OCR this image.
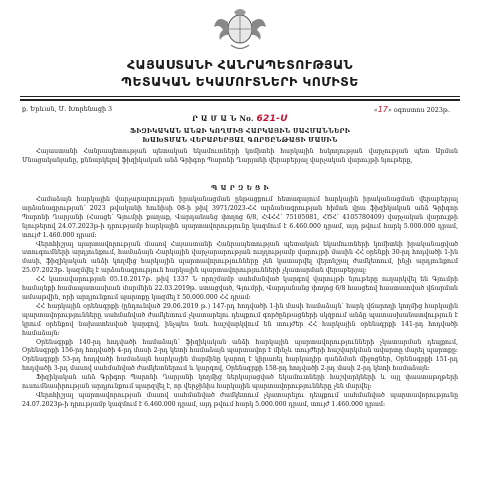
ՀԱՅԱՍՏԱՆԻ ՀԱՆՐԱՊԵՏՈՒԹՅԱՆ
ՊԵՏԱԿԱՆ ԵԿԱՄՈՒՏՆԵՐԻ ԿՈՄԻՏԵ
ք. Երևան, Մ. Խորենացի 3	«17» օգոստոս 2023թ.
Ր Ա Մ Ա Ն No. 621-Ս
ՖԻԶԻԿԱԿԱՆ ԱՆՁԻ ԿՈՂՄԻՑ ՀԱՐԿԱՅԻՆ ՍԱՀՄԱՆՆԵՐԻ
ԽԱԽՏՄԱՆ ՎԵՐԱԲԵՐՅԱԼ ԳՈՐԾԸՆԹԱՑԻ ՄԱՍԻՆ
Հայաստանի Հանրապետության պետական եկամուտների կոմիտեի հարկային հսկողության վարչության պետ Արման Մնացականյանը, քննարկելով ֆիզիկական անձ Գրիգոր Պարոնի Ղարյանի վերաբերյալ վարչական վարույթի նյութերը,
Պ Ա Ր Զ Ե Ց Ի

Համաձայն հարկային վարչարարության իրականացման ընթացքում հետագայում հարկային իրականացման վերաբերյալ արձանագրության՝ 2023 թվականի հունիսի 08-ի թիվ 3971/2023-ՀՀ արձանագրության հիման վրա ֆիզիկական անձ Գրիգոր Պարոնի Ղարյանի (Հասցե՝ Գյումրի քաղաք, Վարդանանց փողոց 6/8, ՀՎՀՀ՝ 75105081, ՀԾՀ՝ 4105780409) վարչական վարույթի նյութերով 24.07.2023թ-ի դրությամբ հարկային պարտավորությունը կազմում է 6.460.000 դրամ, այդ թվում հարկ 5.000.000 դրամ, տույժ 1.460.000 դրամ։

Վերոհիշյալ պարտավորության մասով Հայաստանի Հանրապետության պետական եկամուտների կոմիտեի իրականացված ստուգումների արդյունքում, համաձայն Հարկային վարչարարության ուղղությամբ վարույթի մասին ՀՀ օրենքի 30-րդ հոդվածի 1-ին մասի, ֆիզիկական անձի կողմից հարկային պարտավորությունները չեն կատարվել վերոնշյալ ժամկետում, ինչի արդյունքում 25.07.2023թ. կազմվել է արձանագրություն հարկային պարտավորությունների չկատարման վերաբերյալ։

ՀՀ կառավարության 05.10.2017թ. թիվ 1337 Ն որոշմամբ սահմանված կարգով վարույթի նյութերը ուղարկվել են Գյումրի համայնքի համապատասխան մարմնին 22.03.2019թ. ստացված, Գյումրի, Վարդանանց փողոց 6/8 հասցեով հաստատված վճարման ամսաթվին, որի արդյունքում պարտքը կազմել է 50.000.000 ՀՀ դրամ։

ՀՀ հարկային օրենսգրքի (ընդունված 29.06.2019 թ.) 147-րդ հոդվածի 1-ին մասի համաձայն՝ հարկ վճարողի կողմից հարկային պարտավորությունները սահմանված ժամկետում չկատարելու դեպքում գործընթացների սկզբում անձը պատասխանատվություն է կրում օրենքով նախատեսված կարգով, ինչպես նաև հաշվարկվում են տույժեր ՀՀ հարկային օրենսգրքի 141-րդ հոդվածի համաձայն։

Օրենսգրքի 140-րդ հոդվածի համաձայն՝ ֆիզիկական անձի հարկային պարտավորությունների չկատարման դեպքում, Օրենսգրքի 156-րդ հոդվածի 4-րդ մասի 2-րդ կետի համաձայն պարտավոր է մինչև տույժերի հաշվարկման ավարտը մարել պարտքը։ Օրենսգրքի 53-րդ հոդվածի համաձայն հարկային մարմինը կարող է կիրառել հարկադիր գանձման միջոցներ, Օրենսգրքի 151-րդ հոդվածի 3-րդ մասով սահմանված ժամկետներում և կարգով, Օրենսգրքի 158-րդ հոդվածի 2-րդ մասի 2-րդ կետի համաձայն։

Ֆիզիկական անձ Գրիգոր Պարոնի Ղարյանի կողմից ներկայացված եկամուտների հաշվարկների և այլ փաստաթղթերի ուսումնասիրության արդյունքում պարզվել է, որ վերջինիս հարկային պարտավորությունները չեն մարվել։

Վերոհիշյալ պարտավորության մասով սահմանված ժամկետում չկատարելու դեպքում սահմանված պարտավորությունը 24.07.2023թ-ի դրությամբ կազմում է 6.460.000 դրամ, այդ թվում հարկ 5.000.000 դրամ, տույժ 1.460.000 դրամ։
